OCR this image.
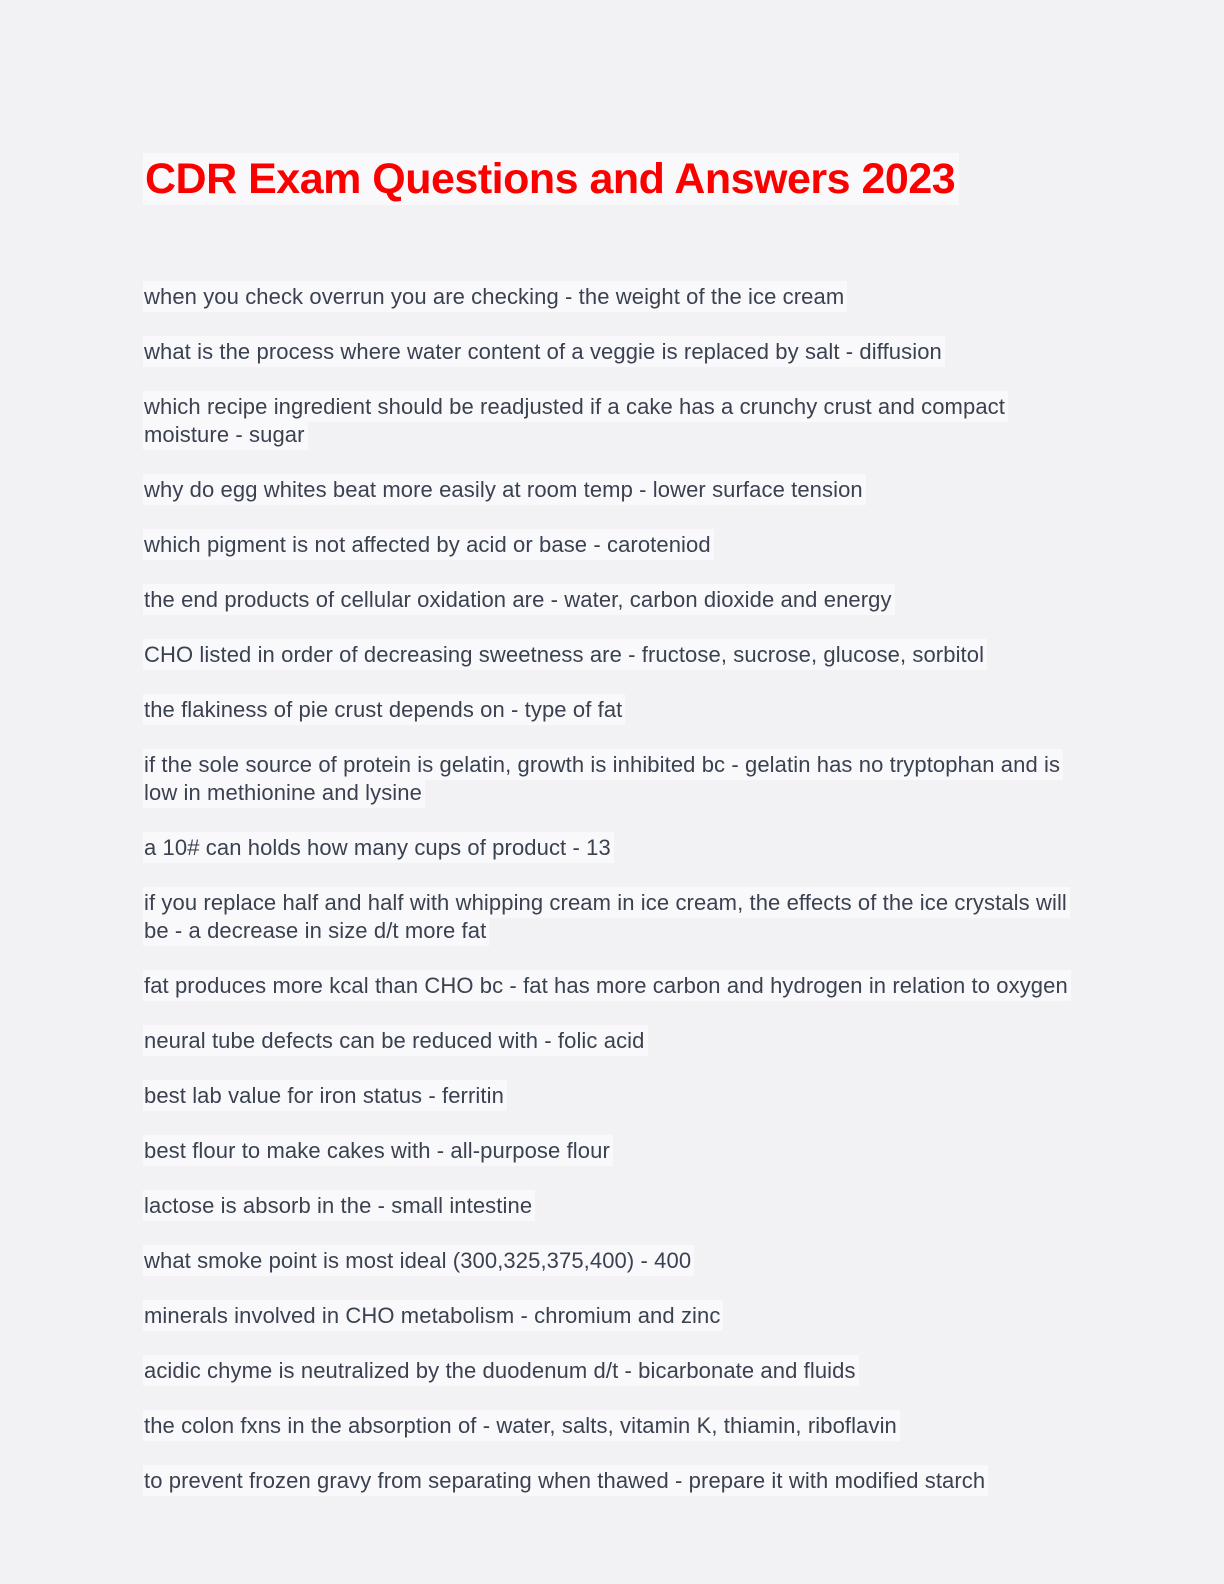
CDR Exam Questions and Answers 2023

when you check overrun you are checking - the weight of the ice cream

what is the process where water content of a veggie is replaced by salt - diffusion

which recipe ingredient should be readjusted if a cake has a crunchy crust and compact moisture - sugar

why do egg whites beat more easily at room temp - lower surface tension

which pigment is not affected by acid or base - caroteniod

the end products of cellular oxidation are - water, carbon dioxide and energy

CHO listed in order of decreasing sweetness are - fructose, sucrose, glucose, sorbitol

the flakiness of pie crust depends on - type of fat

if the sole source of protein is gelatin, growth is inhibited bc - gelatin has no tryptophan and is low in methionine and lysine

a 10# can holds how many cups of product - 13

if you replace half and half with whipping cream in ice cream, the effects of the ice crystals will be - a decrease in size d/t more fat

fat produces more kcal than CHO bc - fat has more carbon and hydrogen in relation to oxygen

neural tube defects can be reduced with - folic acid

best lab value for iron status - ferritin

best flour to make cakes with - all-purpose flour

lactose is absorb in the - small intestine

what smoke point is most ideal (300,325,375,400) - 400

minerals involved in CHO metabolism - chromium and zinc

acidic chyme is neutralized by the duodenum d/t - bicarbonate and fluids

the colon fxns in the absorption of - water, salts, vitamin K, thiamin, riboflavin

to prevent frozen gravy from separating when thawed - prepare it with modified starch
